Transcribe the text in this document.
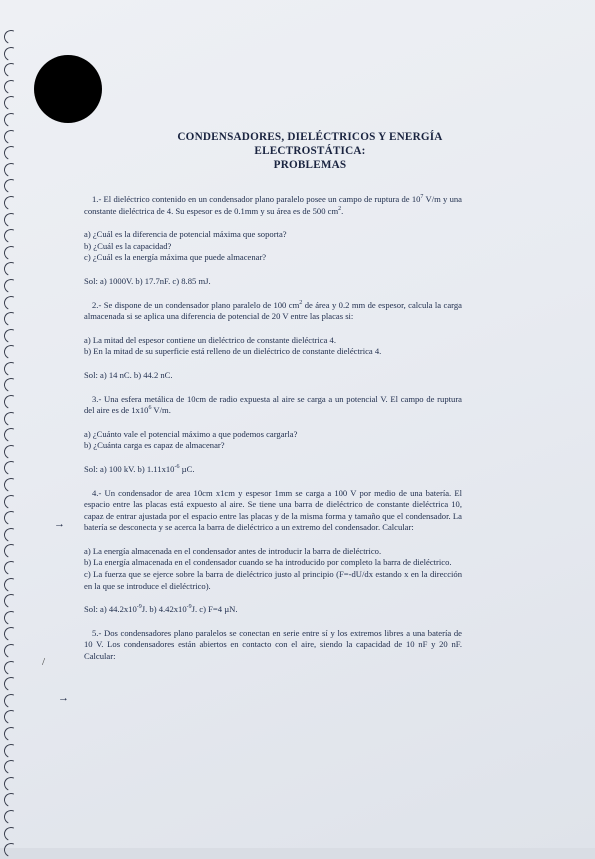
CONDENSADORES, DIELÉCTRICOS Y ENERGÍA
ELECTROSTÁTICA:
PROBLEMAS
→
→
/

1.- El dieléctrico contenido en un condensador plano paralelo posee un campo de ruptura de $10^7$ V/m y una constante dieléctrica de 4. Su espesor es de 0.1mm y su área es de 500 $cm^2$.

a) ¿Cuál es la diferencia de potencial máxima que soporta?

b) ¿Cuál es la capacidad?

c) ¿Cuál es la energía máxima que puede almacenar?

Sol: a) 1000V. b) 17.7nF. c) 8.85 mJ.

2.- Se dispone de un condensador plano paralelo de 100 $cm^2$ de área y 0.2 mm de espesor, calcula la carga almacenada si se aplica una diferencia de potencial de 20 V entre las placas si:

a) La mitad del espesor contiene un dieléctrico de constante dieléctrica 4.

b) En la mitad de su superficie está relleno de un dieléctrico de constante dieléctrica 4.

Sol: a) 14 nC. b) 44.2 nC.

3.- Una esfera metálica de 10cm de radio expuesta al aire se carga a un potencial V. El campo de ruptura del aire es de $1x10^6$ V/m.

a) ¿Cuánto vale el potencial máximo a que podemos cargarla?

b) ¿Cuánta carga es capaz de almacenar?

Sol: a) 100 kV. b) $1.11x10^{-6}$ µC.

4.- Un condensador de area 10cm x1cm y espesor 1mm se carga a 100 V por medio de una batería. El espacio entre las placas está expuesto al aire. Se tiene una barra de dieléctrico de constante dieléctrica 10, capaz de entrar ajustada por el espacio entre las placas y de la misma forma y tamaño que el condensador. La batería se desconecta y se acerca la barra de dieléctrico a un extremo del condensador. Calcular:

a) La energía almacenada en el condensador antes de introducir la barra de dieléctrico.

b) La energía almacenada en el condensador cuando se ha introducido por completo la barra de dieléctrico.

c) La fuerza que se ejerce sobre la barra de dieléctrico justo al principio (F=-dU/dx estando x en la dirección en la que se introduce el dieléctrico).

Sol: a) $44.2x10^{-9}J$. b) $4.42x10^{-9}J$. c) F=4 µN.

5.- Dos condensadores plano paralelos se conectan en serie entre sí y los extremos libres a una batería de 10 V. Los condensadores están abiertos en contacto con el aire, siendo la capacidad de 10 nF y 20 nF. Calcular:
